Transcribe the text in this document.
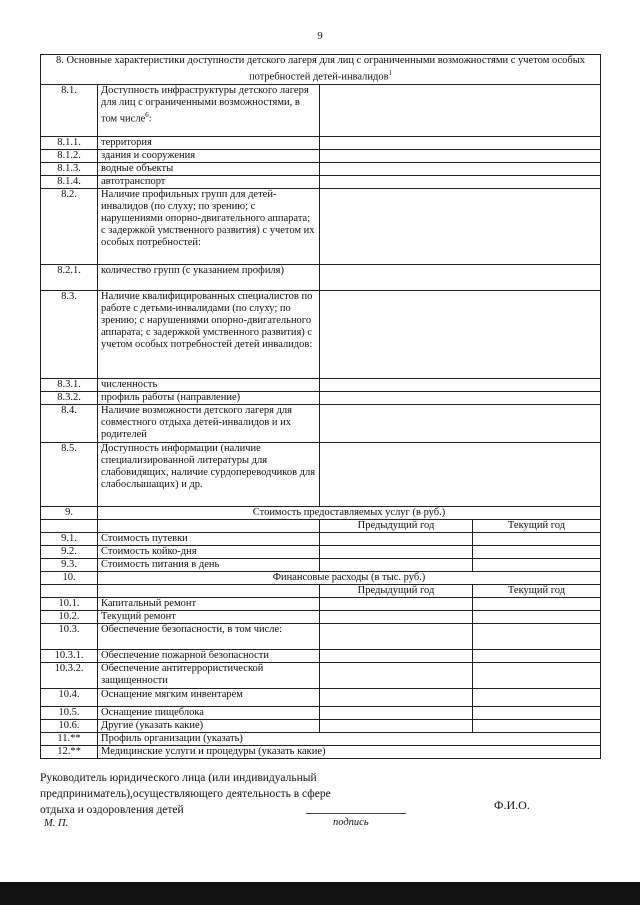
9
8. Основные характеристики доступности детского лагеря для лиц с ограниченными возможностями с учетом особых потребностей детей-инвалидов$^1$
8.1.	Доступность инфраструктуры детского лагеря для лиц с ограниченными возможностями, в том числе$^6$:		
8.1.1.	территория		
8.1.2.	здания и сооружения		
8.1.3.	водные объекты		
8.1.4.	автотранспорт		
8.2.	Наличие профильных групп для детей-инвалидов (по слуху; по зрению; с нарушениями опорно-двигательного аппарата; с задержкой умственного развития) с учетом их особых потребностей:		
8.2.1.	количество групп (с указанием профиля)		
8.3.	Наличие квалифицированных специалистов по работе с детьми-инвалидами (по слуху; по зрению; с нарушениями опорно-двигательного аппарата; с задержкой умственного развития) с учетом особых потребностей детей инвалидов:		
8.3.1.	численность		
8.3.2.	профиль работы (направление)		
8.4.	Наличие возможности детского лагеря для совместного отдыха детей-инвалидов и их родителей		
8.5.	Доступность информации (наличие специализированной литературы для слабовидящих, наличие сурдопереводчиков для слабослышащих) и др.		
9.	Стоимость предоставляемых услуг (в руб.)		
		Предыдущий год	Текущий год
9.1.	Стоимость путевки		
9.2.	Стоимость койко-дня		
9.3.	Стоимость питания в день		
10.	Финансовые расходы (в тыс. руб.)		
		Предыдущий год	Текущий год
10.1.	Капитальный ремонт		
10.2.	Текущий ремонт		
10.3.	Обеспечение безопасности, в том числе:		
10.3.1.	Обеспечение пожарной безопасности		
10.3.2.	Обеспечение антитеррористической защищенности		
10.4.	Оснащение мягким инвентарем		
10.5.	Оснащение пищеблока		
10.6.	Другие (указать какие)		
11.**	Профиль организации (указать)		
12.**	Медицинские услуги и процедуры (указать какие)		
Руководитель юридического лица (или индивидуальный
предприниматель),осуществляющего деятельность в сфере
отдыха и оздоровления детей	Ф.И.О.
М. П.	подпись
